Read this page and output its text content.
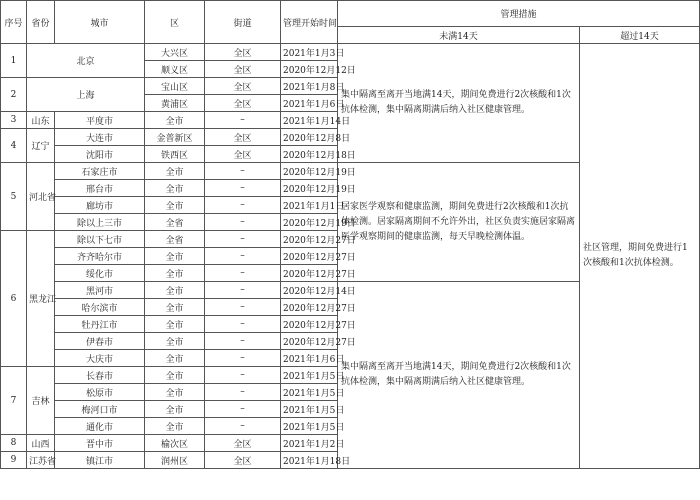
序号	省份	城市	区	街道	管理开始时间	管理措施	
						未满14天	超过14天
1	北京		大兴区	全区	2021年1月3日	集中隔离至离开当地满14天，期间免费进行2次核酸和1次抗体检测，集中隔离期满后纳入社区健康管理。	社区管理，期间免费进行1次核酸和1次抗体检测。
			顺义区	全区	2020年12月12日		
2	上海		宝山区	全区	2021年1月8日		
			黄浦区	全区	2021年1月6日		
3	山东	平度市	全市	–	2021年1月14日		
4	辽宁	大连市	金普新区	全区	2020年12月8日		
		沈阳市	铁西区	全区	2020年12月18日		
5	河北省	石家庄市	全市	–	2020年12月19日	居家医学观察和健康监测，期间免费进行2次核酸和1次抗体检测。居家隔离期间不允许外出，社区负责实施居家隔离医学观察期间的健康监测，每天早晚检测体温。	
		邢台市	全市	–	2020年12月19日		
		廊坊市	全市	–	2021年1月1日		
		除以上三市	全省	–	2020年12月19日		
6	黑龙江	除以下七市	全省	–	2020年12月27日		
		齐齐哈尔市	全市	–	2020年12月27日		
		绥化市	全市	–	2020年12月27日		
		黑河市	全市	–	2020年12月14日	集中隔离至离开当地满14天，期间免费进行2次核酸和1次抗体检测，集中隔离期满后纳入社区健康管理。	
		哈尔滨市	全市	–	2020年12月27日		
		牡丹江市	全市	–	2020年12月27日		
		伊春市	全市	–	2020年12月27日		
		大庆市	全市	–	2021年1月6日		
7	吉林	长春市	全市	–	2021年1月5日		
		松原市	全市	–	2021年1月5日		
		梅河口市	全市	–	2021年1月5日		
		通化市	全市	–	2021年1月5日		
8	山西	晋中市	榆次区	全区	2021年1月2日		
9	江苏省	镇江市	润州区	全区	2021年1月18日		
